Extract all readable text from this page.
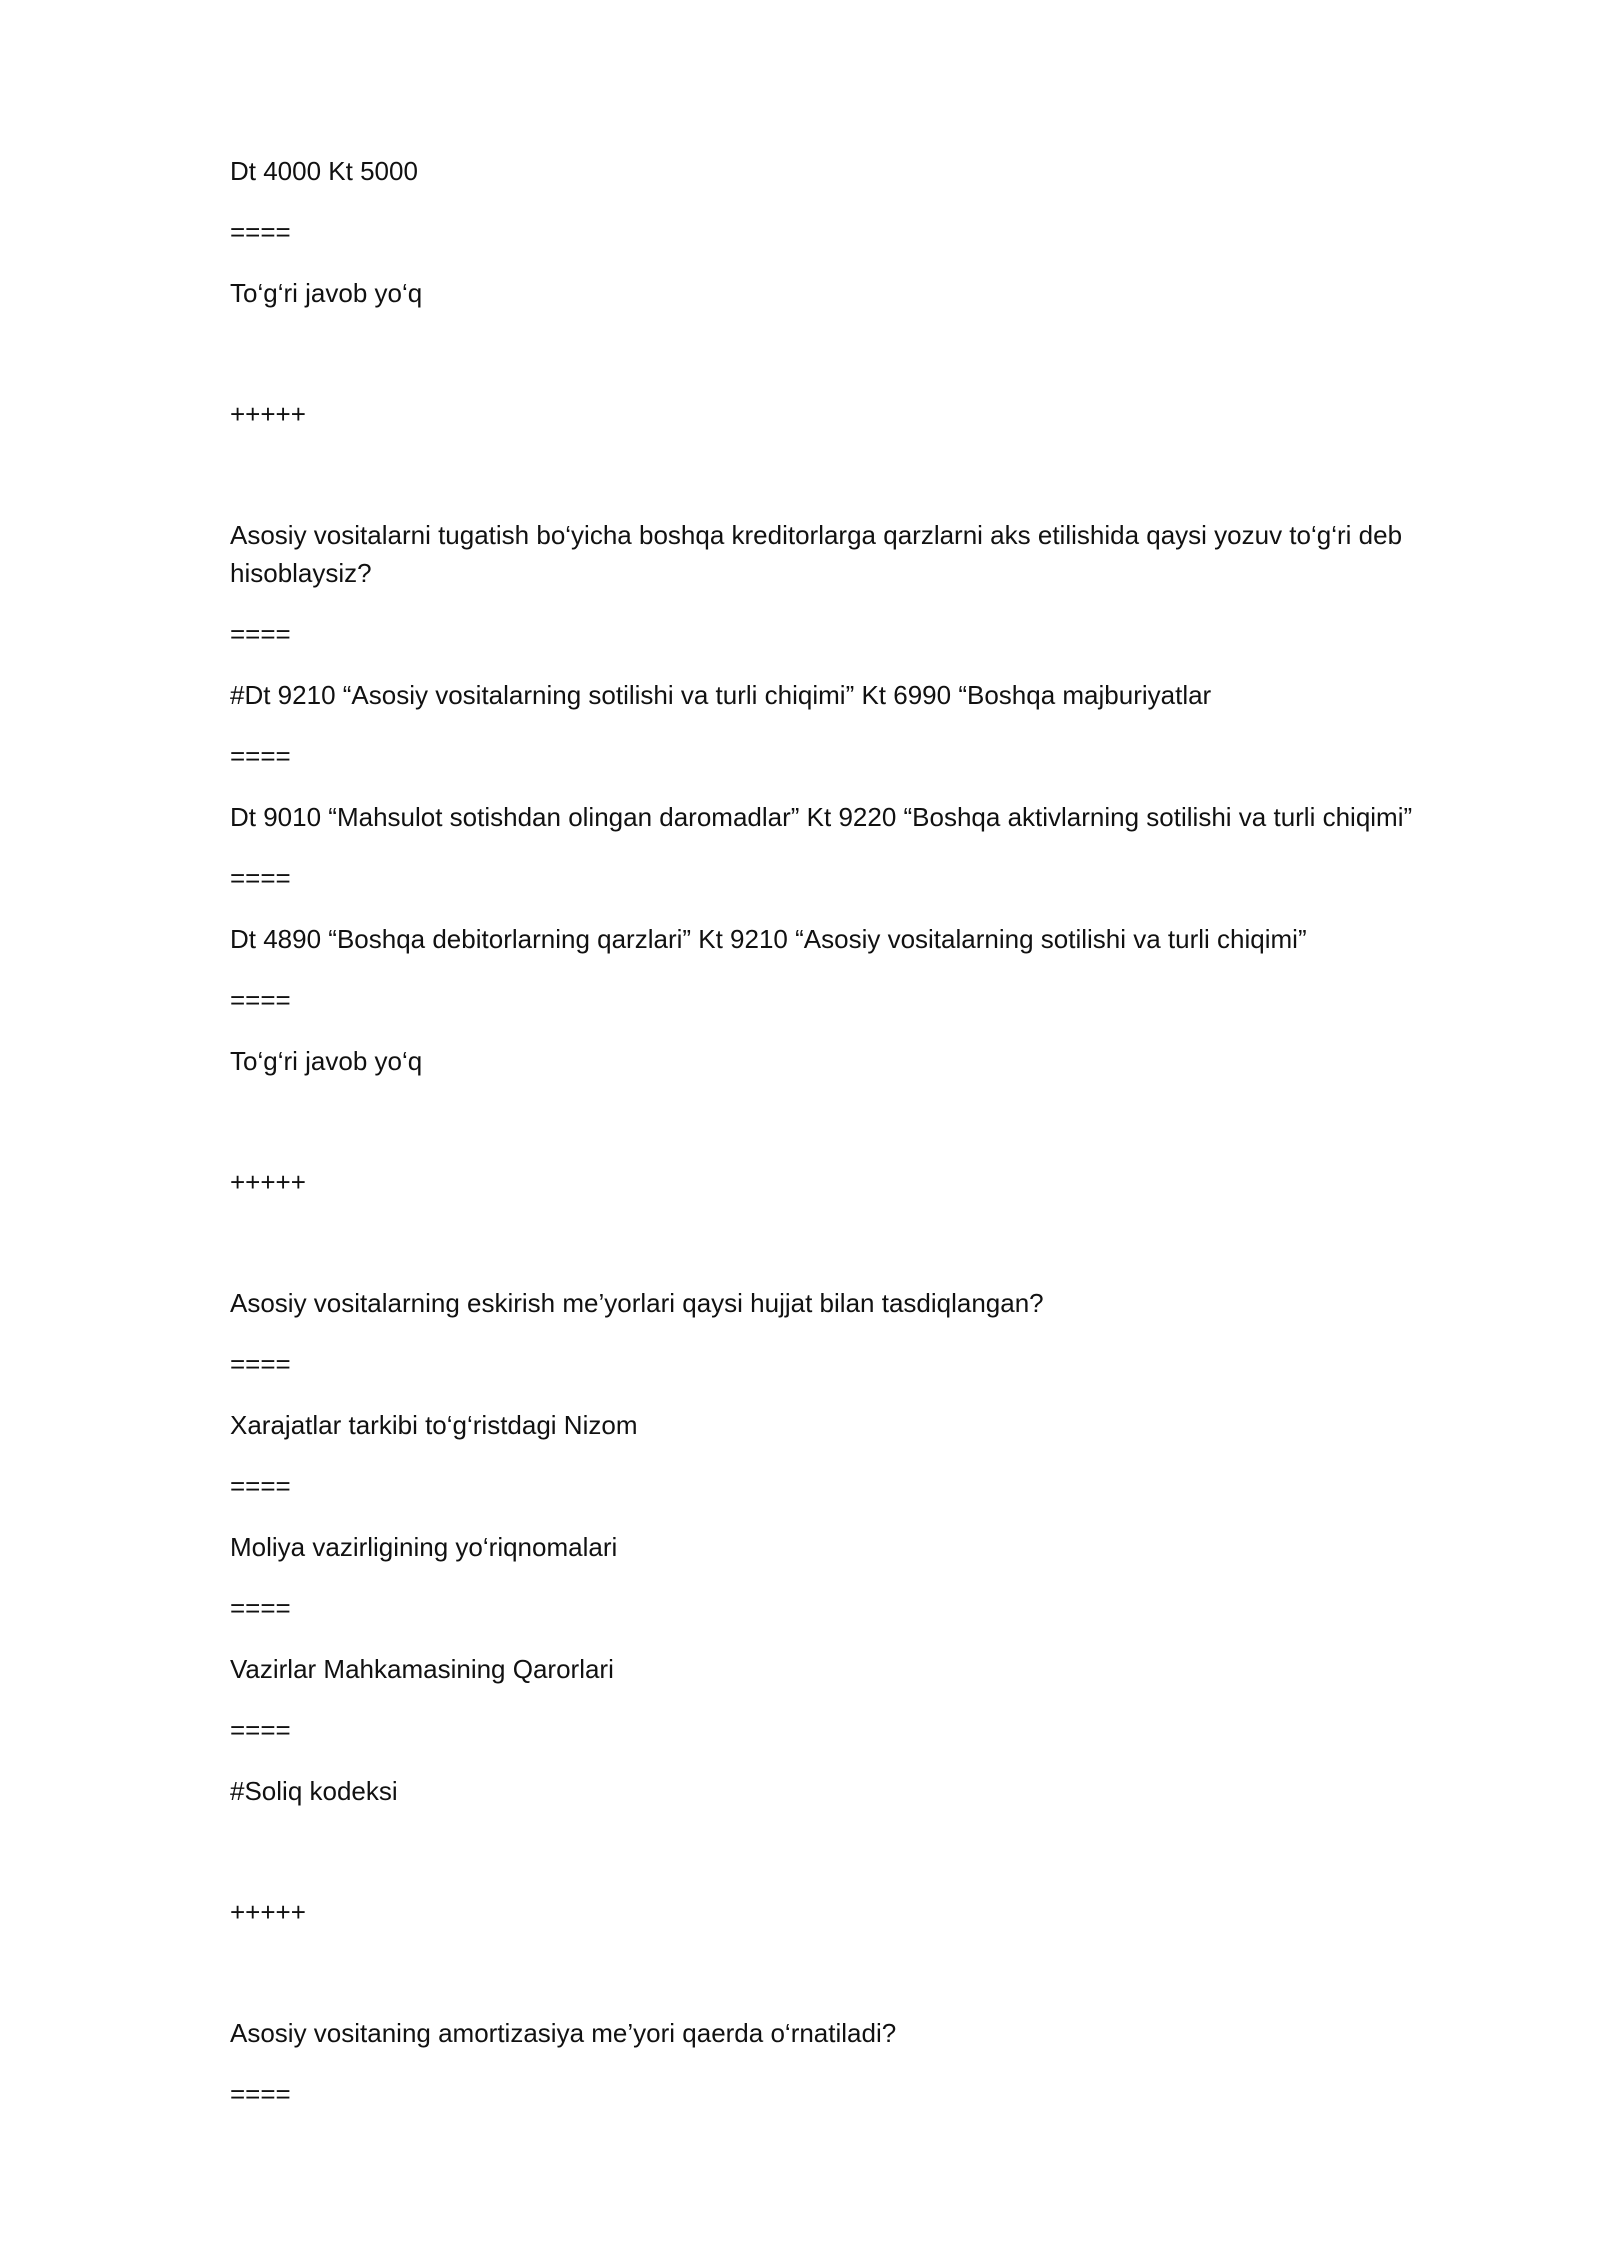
Dt 4000 Kt 5000

====

To‘g‘ri javob yo‘q

+++++

Asosiy vositalarni tugatish bo‘yicha boshqa kreditorlarga qarzlarni aks etilishida qaysi yozuv to‘g‘ri deb hisoblaysiz?

====

#Dt 9210 “Asosiy vositalarning sotilishi va turli chiqimi” Kt 6990 “Boshqa majburiyatlar

====

Dt 9010 “Mahsulot sotishdan olingan daromadlar” Kt 9220 “Boshqa aktivlarning sotilishi va turli chiqimi”

====

Dt 4890 “Boshqa debitorlarning qarzlari” Kt 9210 “Asosiy vositalarning sotilishi va turli chiqimi”

====

To‘g‘ri javob yo‘q

+++++

Asosiy vositalarning eskirish me’yorlari qaysi hujjat bilan tasdiqlangan?

====

Xarajatlar tarkibi to‘g‘ristdagi Nizom

====

Moliya vazirligining yo‘riqnomalari

====

Vazirlar Mahkamasining Qarorlari

====

#Soliq kodeksi

+++++

Asosiy vositaning amortizasiya me’yori qaerda o‘rnatiladi?

====
